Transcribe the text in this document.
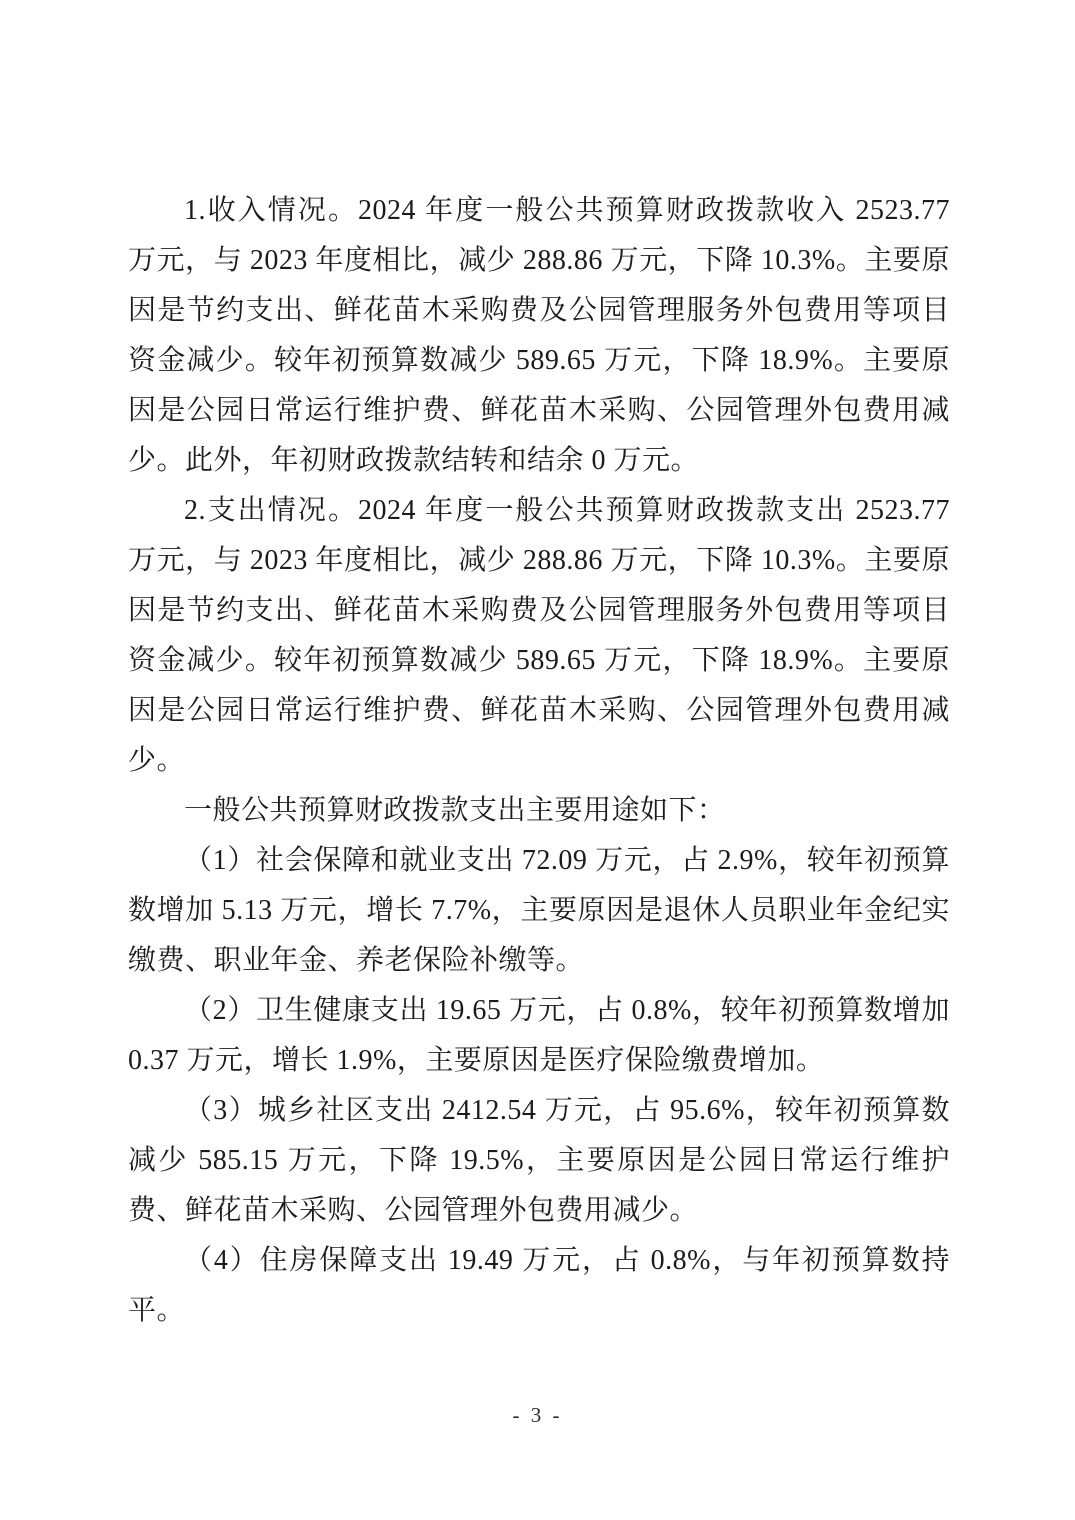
1.收入情况。2024 年度一般公共预算财政拨款收入 2523.77 万元，与 2023 年度相比，减少 288.86 万元，下降 10.3%。主要原因是节约支出、鲜花苗木采购费及公园管理服务外包费用等项目资金减少。较年初预算数减少 589.65 万元，下降 18.9%。主要原因是公园日常运行维护费、鲜花苗木采购、公园管理外包费用减少。此外，年初财政拨款结转和结余 0 万元。

2.支出情况。2024 年度一般公共预算财政拨款支出 2523.77 万元，与 2023 年度相比，减少 288.86 万元，下降 10.3%。主要原因是节约支出、鲜花苗木采购费及公园管理服务外包费用等项目资金减少。较年初预算数减少 589.65 万元，下降 18.9%。主要原因是公园日常运行维护费、鲜花苗木采购、公园管理外包费用减少。

一般公共预算财政拨款支出主要用途如下：

（1）社会保障和就业支出 72.09 万元，占 2.9%，较年初预算数增加 5.13 万元，增长 7.7%，主要原因是退休人员职业年金纪实缴费、职业年金、养老保险补缴等。

（2）卫生健康支出 19.65 万元，占 0.8%，较年初预算数增加 0.37 万元，增长 1.9%，主要原因是医疗保险缴费增加。

（3）城乡社区支出 2412.54 万元，占 95.6%，较年初预算数减少 585.15 万元，下降 19.5%，主要原因是公园日常运行维护费、鲜花苗木采购、公园管理外包费用减少。

（4）住房保障支出 19.49 万元，占 0.8%，与年初预算数持平。

- 3 -
